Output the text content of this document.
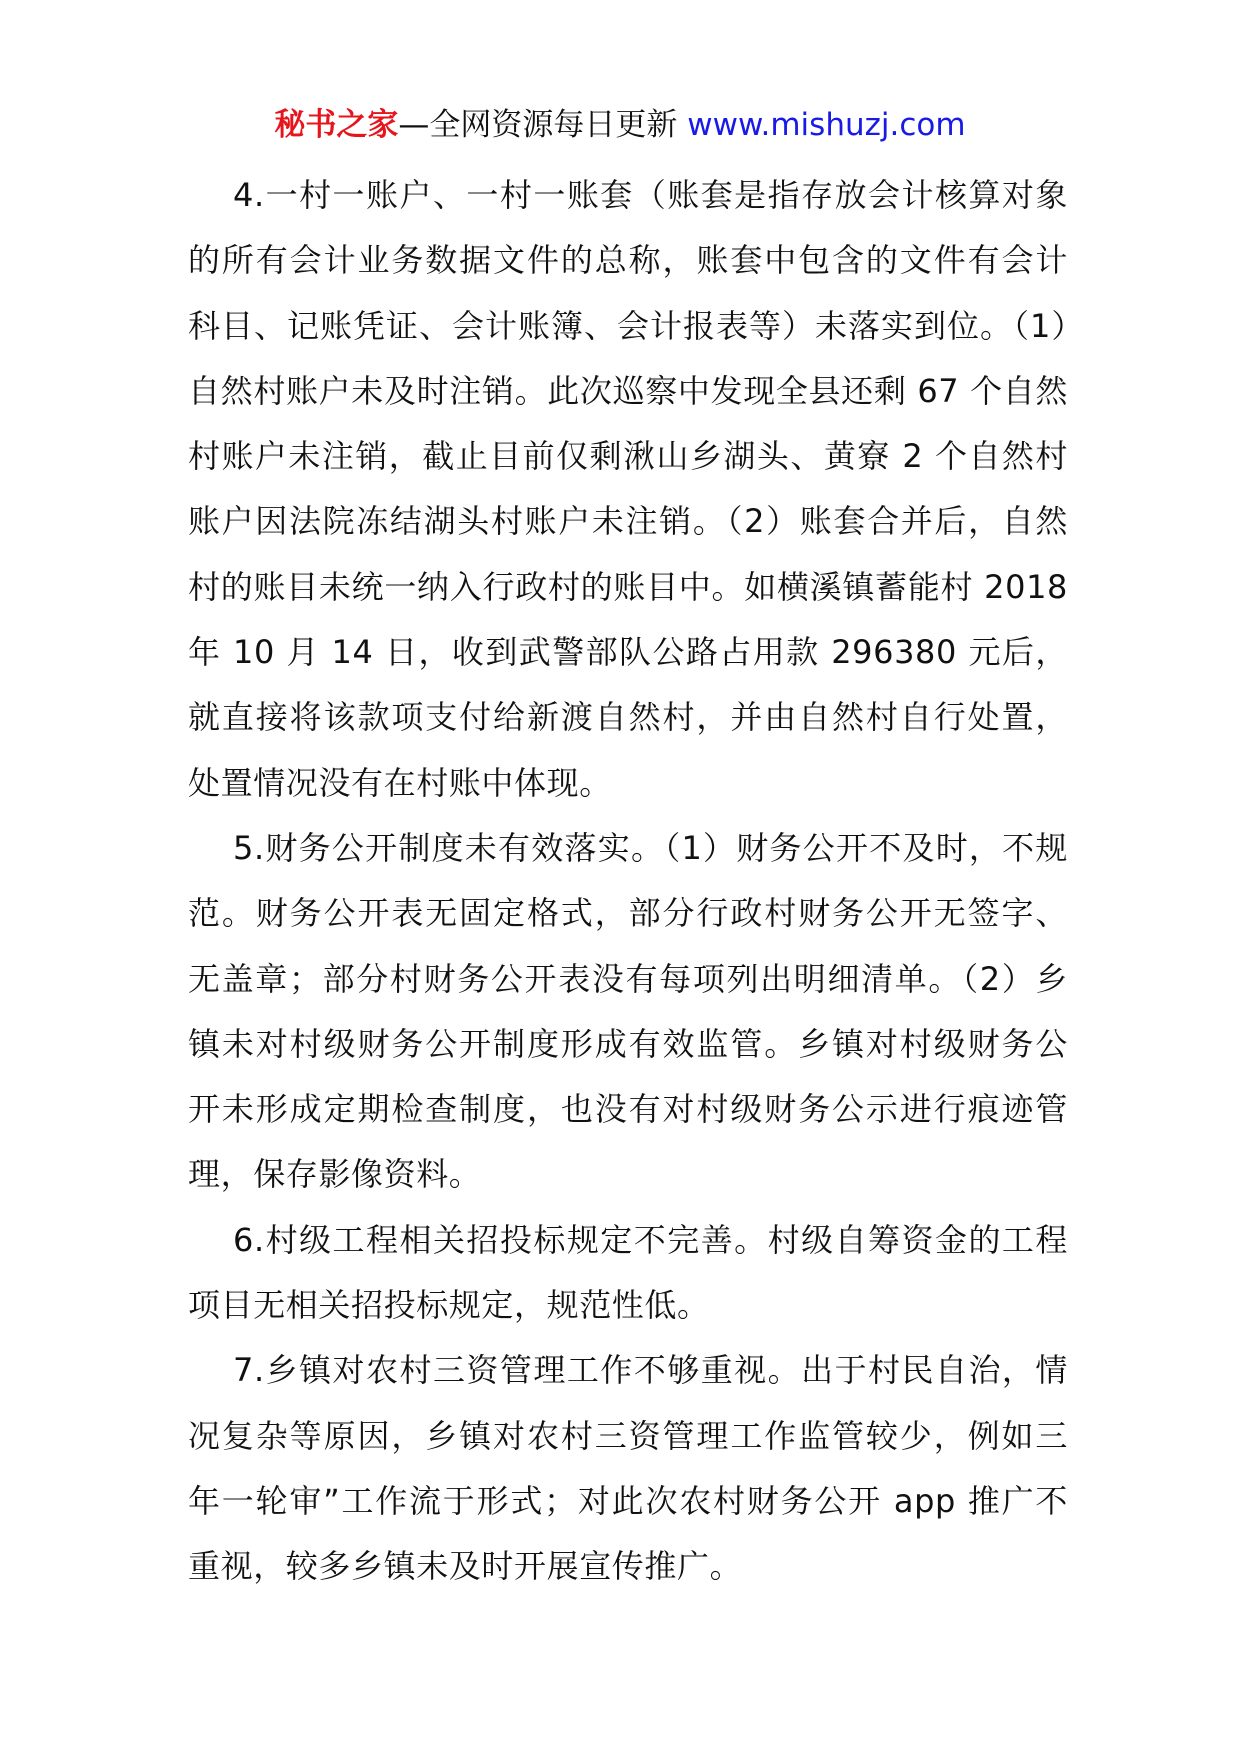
秘书之家—全网资源每日更新 www.mishuzj.com

4.一村一账户、一村一账套（账套是指存放会计核算对象的所有会计业务数据文件的总称，账套中包含的文件有会计科目、记账凭证、会计账簿、会计报表等）未落实到位。（1）自然村账户未及时注销。此次巡察中发现全县还剩 67 个自然村账户未注销，截止目前仅剩湫山乡湖头、黄寮 2 个自然村账户因法院冻结湖头村账户未注销。（2）账套合并后，自然村的账目未统一纳入行政村的账目中。如横溪镇蓄能村 2018 年 10 月 14 日，收到武警部队公路占用款 296380 元后，就直接将该款项支付给新渡自然村，并由自然村自行处置，处置情况没有在村账中体现。

5.财务公开制度未有效落实。（1）财务公开不及时，不规范。财务公开表无固定格式，部分行政村财务公开无签字、无盖章；部分村财务公开表没有每项列出明细清单。（2）乡镇未对村级财务公开制度形成有效监管。乡镇对村级财务公开未形成定期检查制度，也没有对村级财务公示进行痕迹管理，保存影像资料。

6.村级工程相关招投标规定不完善。村级自筹资金的工程项目无相关招投标规定，规范性低。

7.乡镇对农村三资管理工作不够重视。出于村民自治，情况复杂等原因，乡镇对农村三资管理工作监管较少，例如三年一轮审”工作流于形式；对此次农村财务公开 app 推广不重视，较多乡镇未及时开展宣传推广。
